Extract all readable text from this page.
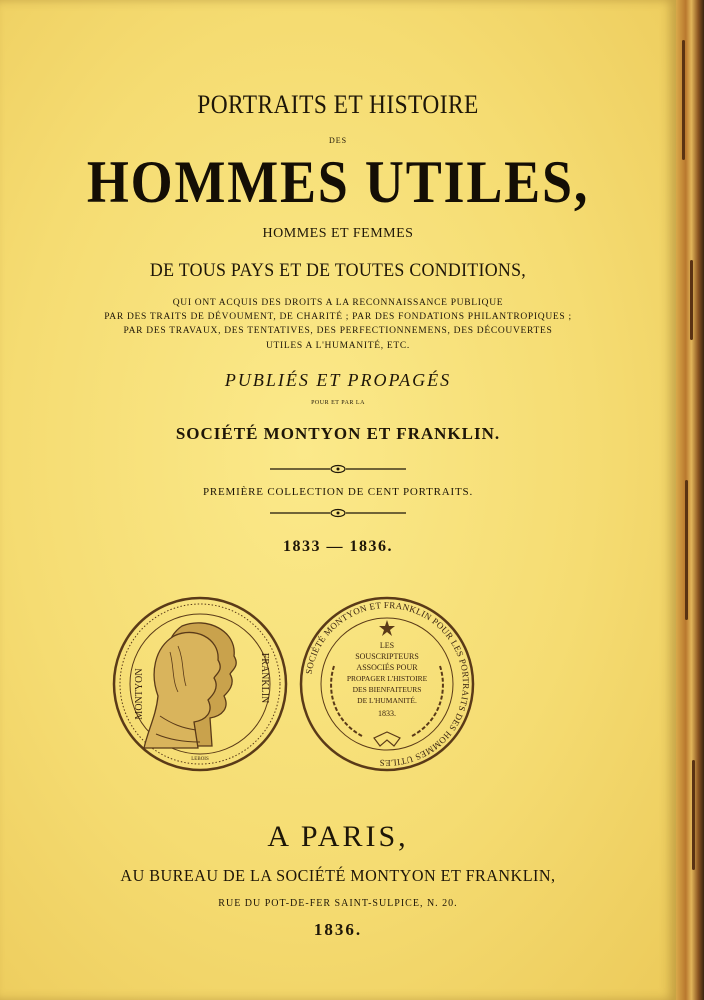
PORTRAITS ET HISTOIRE
DES
HOMMES UTILES,
HOMMES ET FEMMES
DE TOUS PAYS ET DE TOUTES CONDITIONS,
QUI ONT ACQUIS DES DROITS A LA RECONNAISSANCE PUBLIQUE
PAR DES TRAITS DE DÉVOUMENT, DE CHARITÉ ; PAR DES FONDATIONS PHILANTROPIQUES ;
PAR DES TRAVAUX, DES TENTATIVES, DES PERFECTIONNEMENS, DES DÉCOUVERTES
UTILES A L'HUMANITÉ, ETC.
PUBLIÉS ET PROPAGÉS
POUR ET PAR LA
SOCIÉTÉ MONTYON ET FRANKLIN.
PREMIÈRE COLLECTION DE CENT PORTRAITS.
1833 — 1836.
MONTYON	FRANKLIN
LEBOIS
SOCIÉTÉ MONTYON ET FRANKLIN POUR LES PORTRAITS DES HOMMES UTILES
LES
SOUSCRIPTEURS
ASSOCIÉS POUR
PROPAGER L'HISTOIRE
DES BIENFAITEURS
DE L'HUMANITÉ.
1833.
A PARIS,
AU BUREAU DE LA SOCIÉTÉ MONTYON ET FRANKLIN,
RUE DU POT-DE-FER SAINT-SULPICE, N. 20.
1836.
